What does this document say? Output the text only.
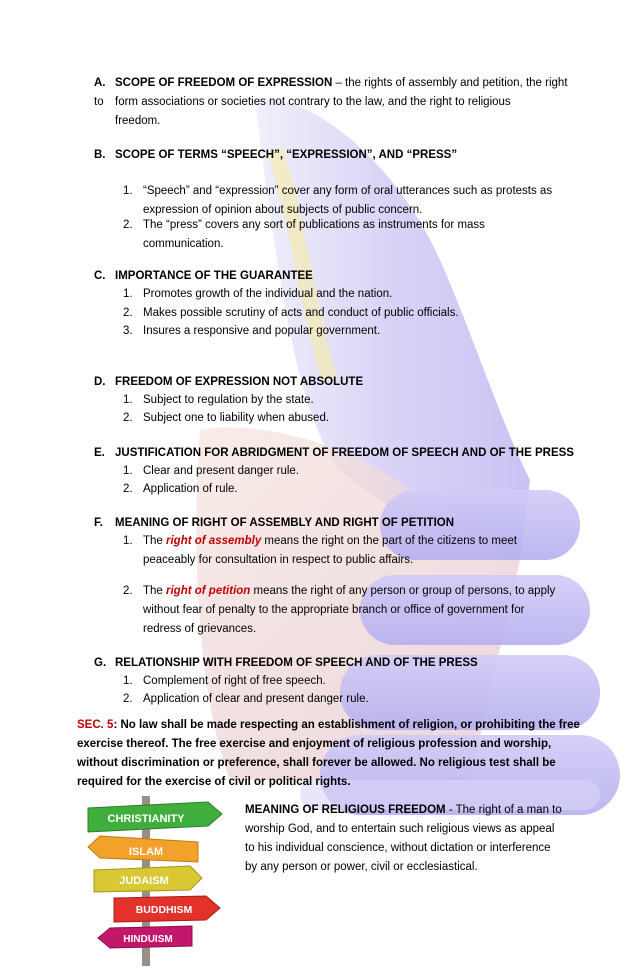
A. SCOPE OF FREEDOM OF EXPRESSION – the rights of assembly and petition, the right to form associations or societies not contrary to the law, and the right to religious
freedom.
B. SCOPE OF TERMS “SPEECH”, “EXPRESSION”, AND “PRESS”
1. “Speech” and “expression” cover any form of oral utterances such as protests as
expression of opinion about subjects of public concern.
2. The “press” covers any sort of publications as instruments for mass
communication.
C. IMPORTANCE OF THE GUARANTEE
1. Promotes growth of the individual and the nation.
2. Makes possible scrutiny of acts and conduct of public officials.
3. Insures a responsive and popular government.
D. FREEDOM OF EXPRESSION NOT ABSOLUTE
1. Subject to regulation by the state.
2. Subject one to liability when abused.
E. JUSTIFICATION FOR ABRIDGMENT OF FREEDOM OF SPEECH AND OF THE PRESS
1. Clear and present danger rule.
2. Application of rule.
F. MEANING OF RIGHT OF ASSEMBLY AND RIGHT OF PETITION
1. The right of assembly means the right on the part of the citizens to meet
peaceably for consultation in respect to public affairs.
2. The right of petition means the right of any person or group of persons, to apply
without fear of penalty to the appropriate branch or office of government for
redress of grievances.
G. RELATIONSHIP WITH FREEDOM OF SPEECH AND OF THE PRESS
1. Complement of right of free speech.
2. Application of clear and present danger rule.
SEC. 5: No law shall be made respecting an establishment of religion, or prohibiting the free
exercise thereof. The free exercise and enjoyment of religious profession and worship,
without discrimination or preference, shall forever be allowed. No religious test shall be
required for the exercise of civil or political rights.
MEANING OF RELIGIOUS FREEDOM - The right of a man to
worship God, and to entertain such religious views as appeal
to his individual conscience, without dictation or interference
by any person or power, civil or ecclesiastical.
CHRISTIANITY
ISLAM
JUDAISM
BUDDHISM
HINDUISM
